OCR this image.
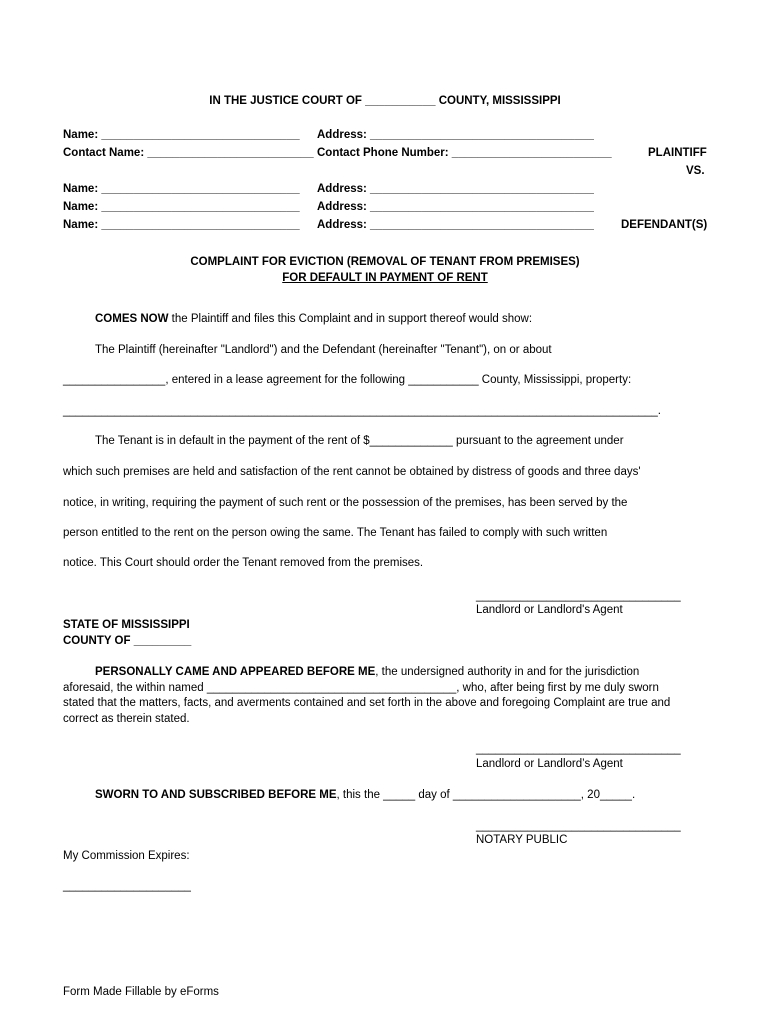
IN THE JUSTICE COURT OF ___________ COUNTY, MISSISSIPPI
Name: _______________________________ Address: ___________________________________
Contact Name: __________________________ Contact Phone Number: _________________________	PLAINTIFF
VS.
Name: _______________________________ Address: ___________________________________
Name: _______________________________ Address: ___________________________________
Name: _______________________________ Address: ___________________________________ DEFENDANT(S)
COMPLAINT FOR EVICTION (REMOVAL OF TENANT FROM PREMISES)
FOR DEFAULT IN PAYMENT OF RENT
COMES NOW the Plaintiff and files this Complaint and in support thereof would show:
The Plaintiff (hereinafter "Landlord") and the Defendant (hereinafter "Tenant"), on or about
________________, entered in a lease agreement for the following ___________ County, Mississippi, property:
_____________________________________________________________________________________________.
The Tenant is in default in the payment of the rent of $_____________ pursuant to the agreement under
which such premises are held and satisfaction of the rent cannot be obtained by distress of goods and three days'
notice, in writing, requiring the payment of such rent or the possession of the premises, has been served by the
person entitled to the rent on the person owing the same. The Tenant has failed to comply with such written
notice. This Court should order the Tenant removed from the premises.
________________________________
Landlord or Landlord's Agent
STATE OF MISSISSIPPI
COUNTY OF _________
PERSONALLY CAME AND APPEARED BEFORE ME, the undersigned authority in and for the jurisdiction aforesaid, the within named _______________________________________, who, after being first by me duly sworn stated that the matters, facts, and averments contained and set forth in the above and foregoing Complaint are true and correct as therein stated.
________________________________
Landlord or Landlord’s Agent
SWORN TO AND SUBSCRIBED BEFORE ME, this the _____ day of ____________________, 20_____.
________________________________
NOTARY PUBLIC
My Commission Expires:
____________________
Form Made Fillable by eForms
